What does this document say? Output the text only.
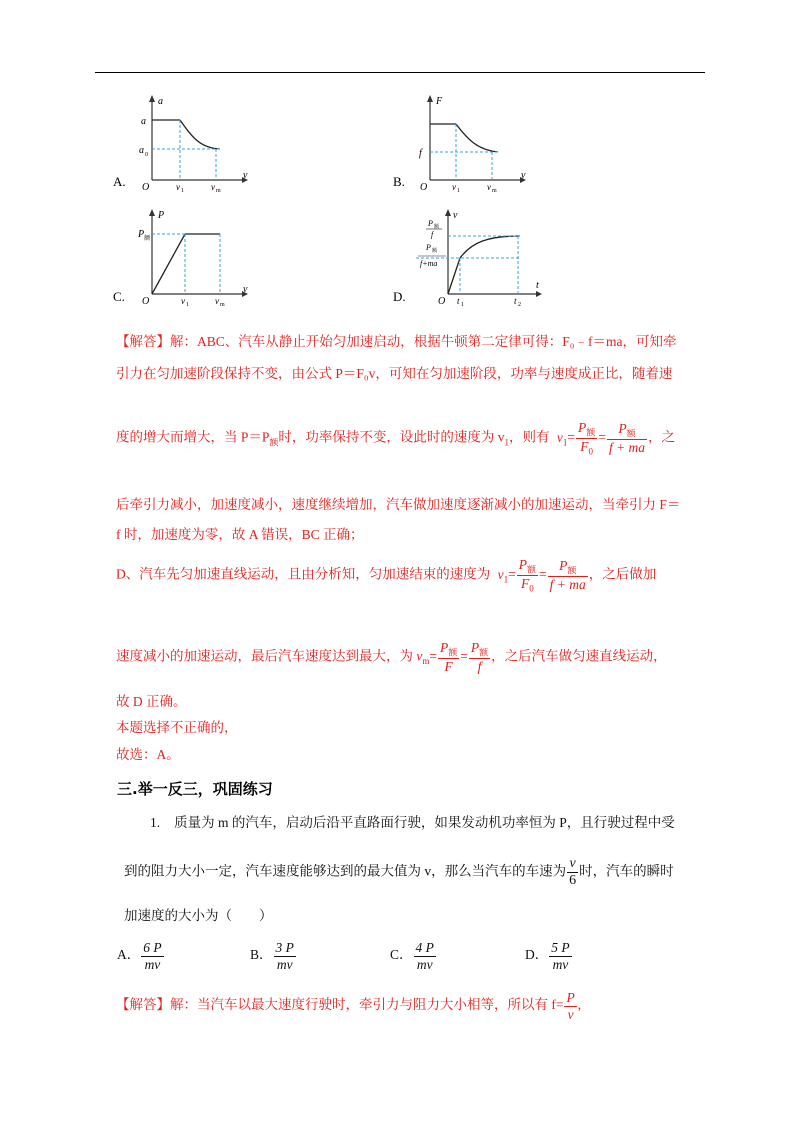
A.
a
a
a 0
O	v 1	v m
v	B.
F
f
O	v 1	v m
v
C.
P
P 额
O	v 1	v m
v	D.
v
P 额
f
P 额
f+ma
O t 1	t 2
t
【解答】解：ABC、汽车从静止开始匀加速启动，根据牛顿第二定律可得：F₀﹣f＝ma，可知牵
引力在匀加速阶段保持不变，由公式 P＝F₀v，可知在匀加速阶段，功率与速度成正比，随着速
度的增大而增大，当 $P=P_额$时，功率保持不变，设此时的速度为 $v_1$，则有 $v_1= \frac{P_额}{F_0} = \frac{P_额}{f + ma}$ ，之
后牵引力减小，加速度减小，速度继续增加，汽车做加速度逐渐减小的加速运动，当牵引力 F＝
f 时，加速度为零，故 A 错误，BC 正确；
D、汽车先匀加速直线运动，且由分析知，匀加速结束的速度为 $v_1= \frac{P_额}{F_0} = \frac{P_额}{f + ma}$ ，之后做加
速度减小的加速运动，最后汽车速度达到最大，为 $v_m= \frac{P_额}{F} = \frac{P_额}{f}$ ，之后汽车做匀速直线运动，
故 D 正确。
本题选择不正确的，
故选：A。
三.举一反三，巩固练习
1. 质量为 m 的汽车，启动后沿平直路面行驶，如果发动机功率恒为 P，且行驶过程中受
到的阻力大小一定，汽车速度能够达到的最大值为 v，那么当汽车的车速为 $\frac{v}{6}$ 时，汽车的瞬时
加速度的大小为（　　）
A． $\frac{6 P}{mv}$	B． $\frac{3 P}{mv}$	C． $\frac{4 P}{mv}$	D． $\frac{5 P}{mv}$
【解答】解：当汽车以最大速度行驶时，牵引力与阻力大小相等，所以有 $f= \frac{P}{v}$ ,
